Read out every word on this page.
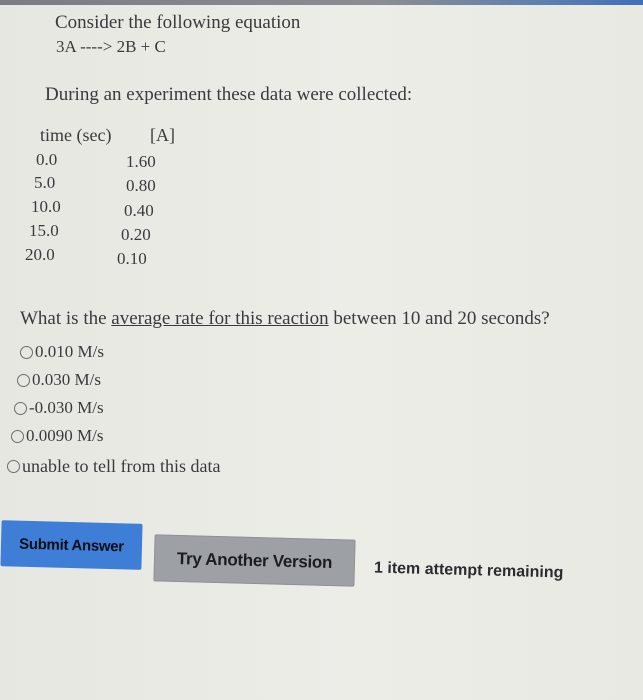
Consider the following equation
3A ----> 2B + C
During an experiment these data were collected:
time (sec) [A]
0.0	1.60
5.0	0.80
10.0	0.40
15.0	0.20
20.0	0.10
What is the average rate for this reaction between 10 and 20 seconds?
0.010 M/s
0.030 M/s
-0.030 M/s
0.0090 M/s
unable to tell from this data
Submit Answer
Try Another Version	1 item attempt remaining
